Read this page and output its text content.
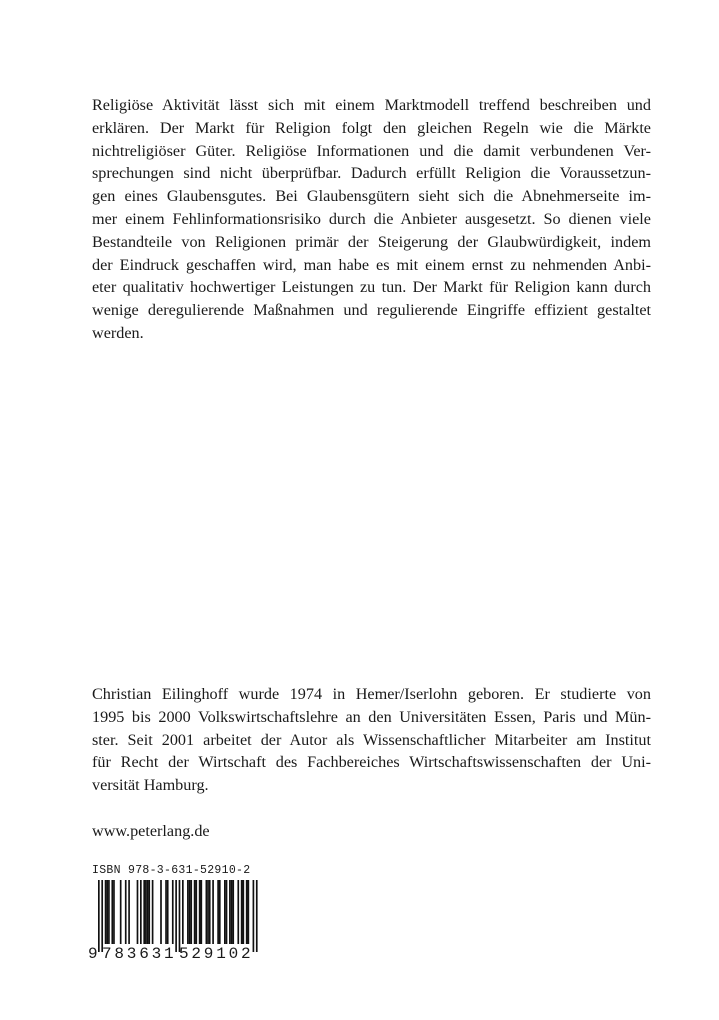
Religiöse Aktivität lässt sich mit einem Marktmodell treffend beschreiben und
erklären. Der Markt für Religion folgt den gleichen Regeln wie die Märkte
nichtreligiöser Güter. Religiöse Informationen und die damit verbundenen Ver-
sprechungen sind nicht überprüfbar. Dadurch erfüllt Religion die Voraussetzun-
gen eines Glaubensgutes. Bei Glaubensgütern sieht sich die Abnehmerseite im-
mer einem Fehlinformationsrisiko durch die Anbieter ausgesetzt. So dienen viele
Bestandteile von Religionen primär der Steigerung der Glaubwürdigkeit, indem
der Eindruck geschaffen wird, man habe es mit einem ernst zu nehmenden Anbi-
eter qualitativ hochwertiger Leistungen zu tun. Der Markt für Religion kann durch
wenige deregulierende Maßnahmen und regulierende Eingriffe effizient gestaltet
werden.
Christian Eilinghoff wurde 1974 in Hemer/Iserlohn geboren. Er studierte von
1995 bis 2000 Volkswirtschaftslehre an den Universitäten Essen, Paris und Mün-
ster. Seit 2001 arbeitet der Autor als Wissenschaftlicher Mitarbeiter am Institut
für Recht der Wirtschaft des Fachbereiches Wirtschaftswissenschaften der Uni-
versität Hamburg.

www.peterlang.de

ISBN 978-3-631-52910-2
9 783631 529102
